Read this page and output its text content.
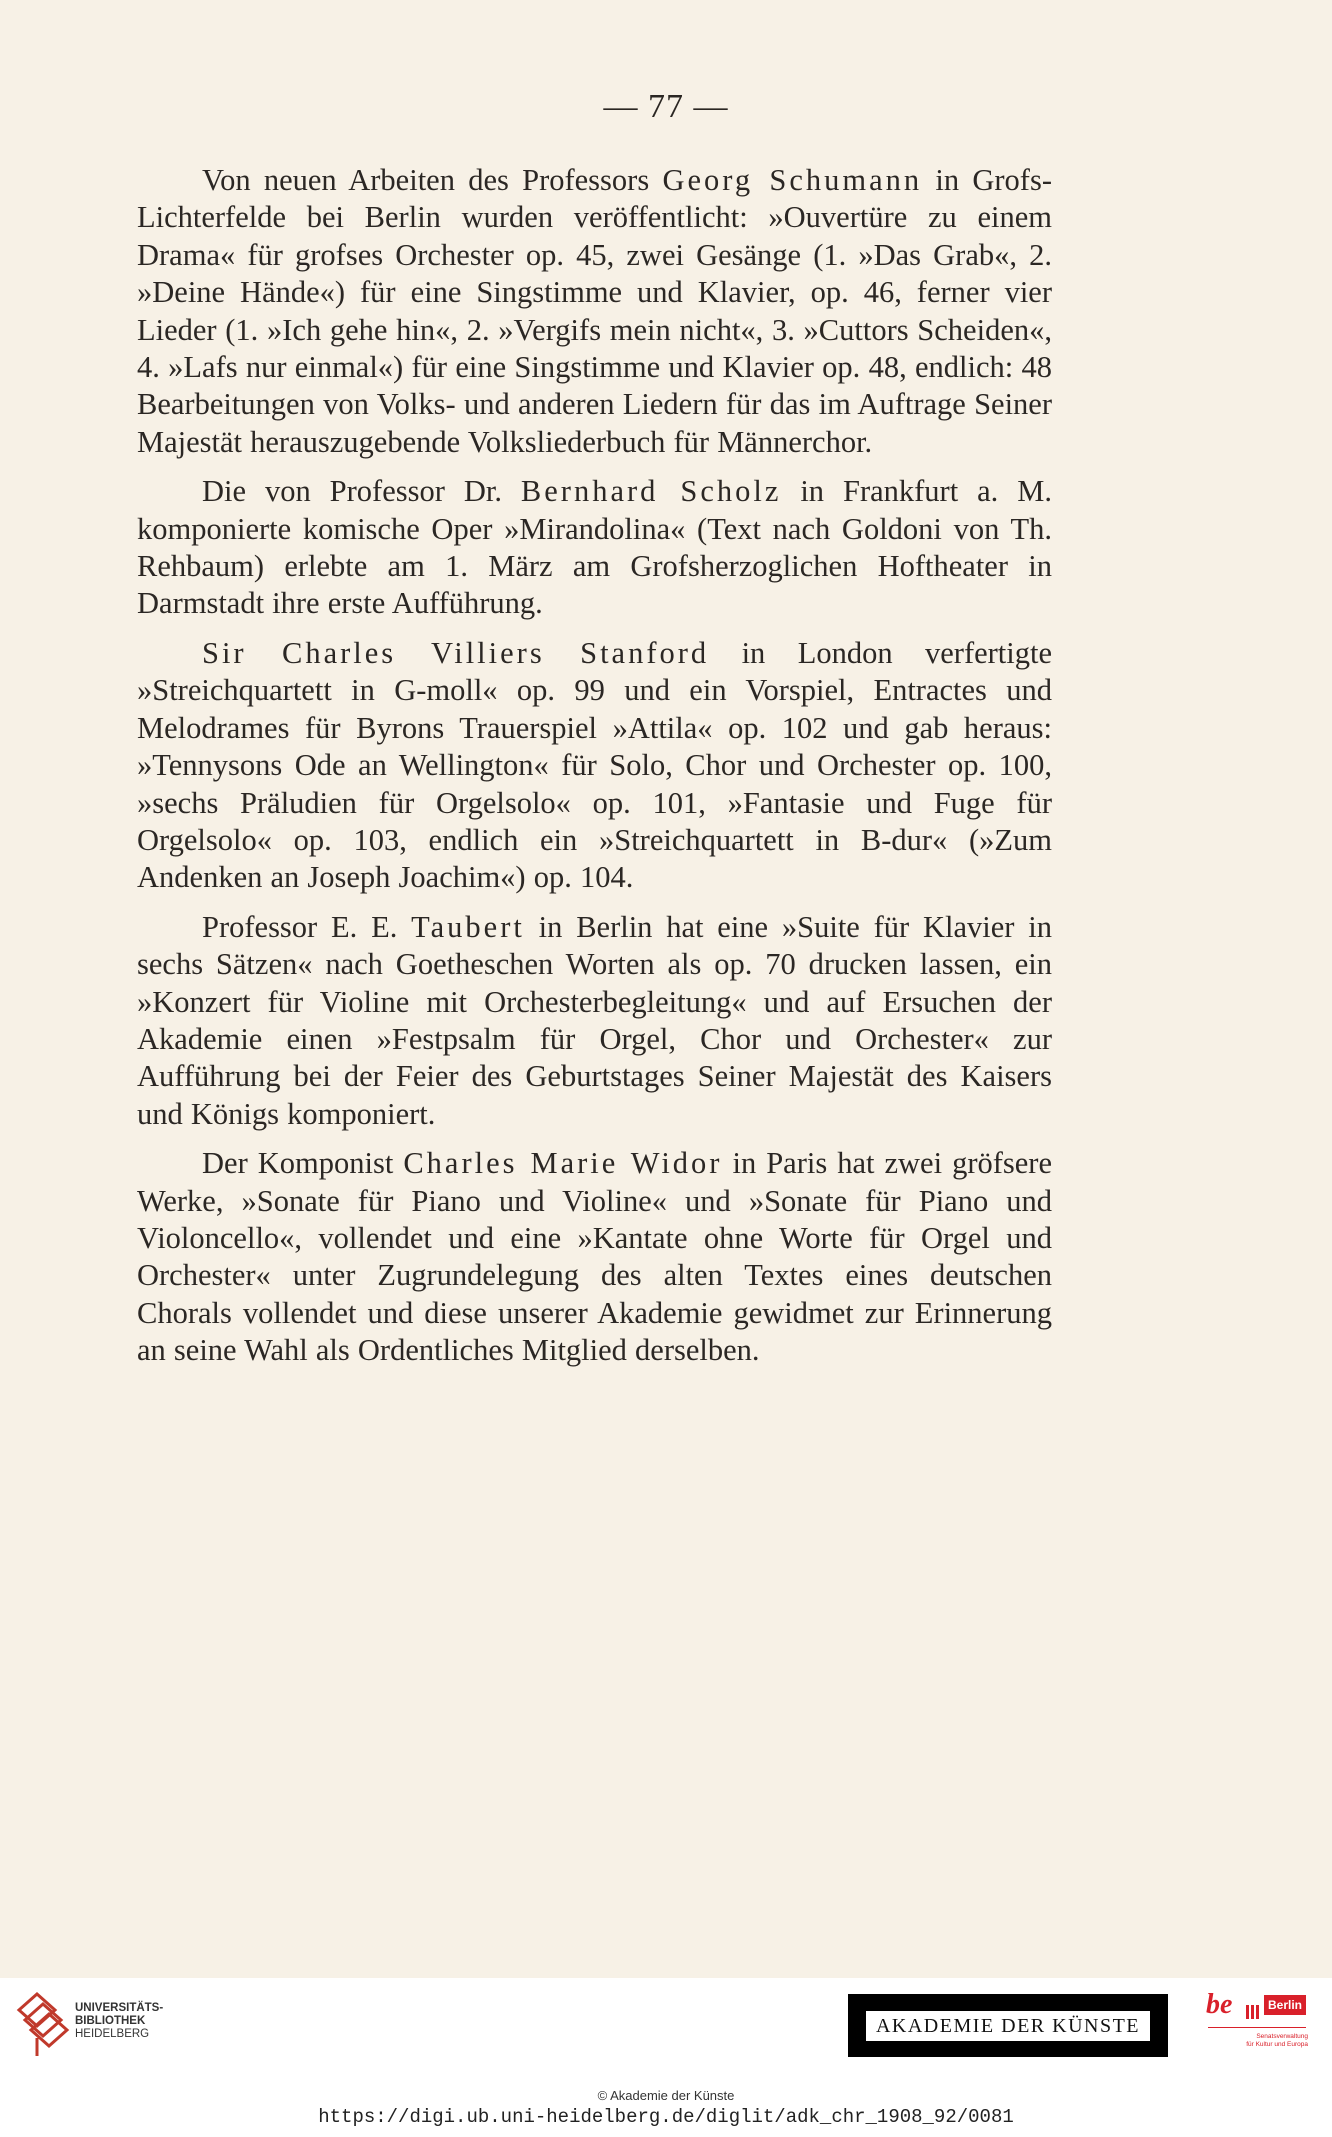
— 77 —

Von neuen Arbeiten des Professors Georg Schumann in Grofs-Lichterfelde bei Berlin wurden veröffentlicht: »Ouvertüre zu einem Drama« für grofses Orchester op. 45, zwei Gesänge (1. »Das Grab«, 2. »Deine Hände«) für eine Singstimme und Klavier, op. 46, ferner vier Lieder (1. »Ich gehe hin«, 2. »Vergifs mein nicht«, 3. »Cuttors Scheiden«, 4. »Lafs nur einmal«) für eine Singstimme und Klavier op. 48, endlich: 48 Bearbeitungen von Volks- und anderen Liedern für das im Auftrage Seiner Majestät herauszugebende Volksliederbuch für Männerchor.

Die von Professor Dr. Bernhard Scholz in Frankfurt a. M. komponierte komische Oper »Mirandolina« (Text nach Goldoni von Th. Rehbaum) erlebte am 1. März am Grofsherzoglichen Hoftheater in Darmstadt ihre erste Aufführung.

Sir Charles Villiers Stanford in London verfertigte »Streichquartett in G-moll« op. 99 und ein Vorspiel, Entractes und Melodrames für Byrons Trauerspiel »Attila« op. 102 und gab heraus: »Tennysons Ode an Wellington« für Solo, Chor und Orchester op. 100, »sechs Präludien für Orgelsolo« op. 101, »Fantasie und Fuge für Orgelsolo« op. 103, endlich ein »Streichquartett in B-dur« (»Zum Andenken an Joseph Joachim«) op. 104.

Professor E. E. Taubert in Berlin hat eine »Suite für Klavier in sechs Sätzen« nach Goetheschen Worten als op. 70 drucken lassen, ein »Konzert für Violine mit Orchesterbegleitung« und auf Ersuchen der Akademie einen »Festpsalm für Orgel, Chor und Orchester« zur Aufführung bei der Feier des Geburtstages Seiner Majestät des Kaisers und Königs komponiert.

Der Komponist Charles Marie Widor in Paris hat zwei gröfsere Werke, »Sonate für Piano und Violine« und »Sonate für Piano und Violoncello«, vollendet und eine »Kantate ohne Worte für Orgel und Orchester« unter Zugrundelegung des alten Textes eines deutschen Chorals vollendet und diese unserer Akademie gewidmet zur Erinnerung an seine Wahl als Ordentliches Mitglied derselben.

UNIVERSITÄTS-
BIBLIOTHEK
HEIDELBERG	AKADEMIE DER KÜNSTE
be	Berlin
Senatsverwaltung
für Kultur und Europa
© Akademie der Künste
https://digi.ub.uni-heidelberg.de/diglit/adk_chr_1908_92/0081
